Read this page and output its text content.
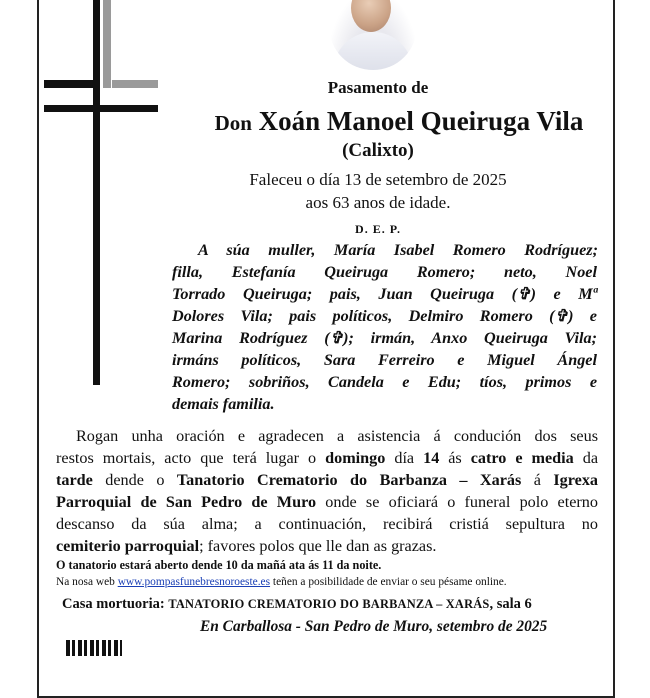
Pasamento de
Don Xoán Manoel Queiruga Vila
(Calixto)
Faleceu o día 13 de setembro de 2025
aos 63 anos de idade.
D. E. P.
A súa muller, María Isabel Romero Rodríguez;
filla, Estefanía Queiruga Romero; neto, Noel
Torrado Queiruga; pais, Juan Queiruga (✞) e Mª
Dolores Vila; pais políticos, Delmiro Romero (✞) e
Marina Rodríguez (✞); irmán, Anxo Queiruga Vila;
irmáns políticos, Sara Ferreiro e Miguel Ángel
Romero; sobriños, Candela e Edu; tíos, primos e
demais familia.
Rogan unha oración e agradecen a asistencia á condución dos seus
restos mortais, acto que terá lugar o domingo día 14 ás catro e media da
tarde dende o Tanatorio Crematorio do Barbanza – Xarás á Igrexa
Parroquial de San Pedro de Muro onde se oficiará o funeral polo eterno
descanso da súa alma; a continuación, recibirá cristiá sepultura no
cemiterio parroquial; favores polos que lle dan as grazas.
O tanatorio estará aberto dende 10 da mañá ata ás 11 da noite.
Na nosa web www.pompasfunebresnoroeste.es teñen a posibilidade de enviar o seu pésame online.
Casa mortuoria: TANATORIO CREMATORIO DO BARBANZA – XARÁS, sala 6
En Carballosa - San Pedro de Muro, setembro de 2025
